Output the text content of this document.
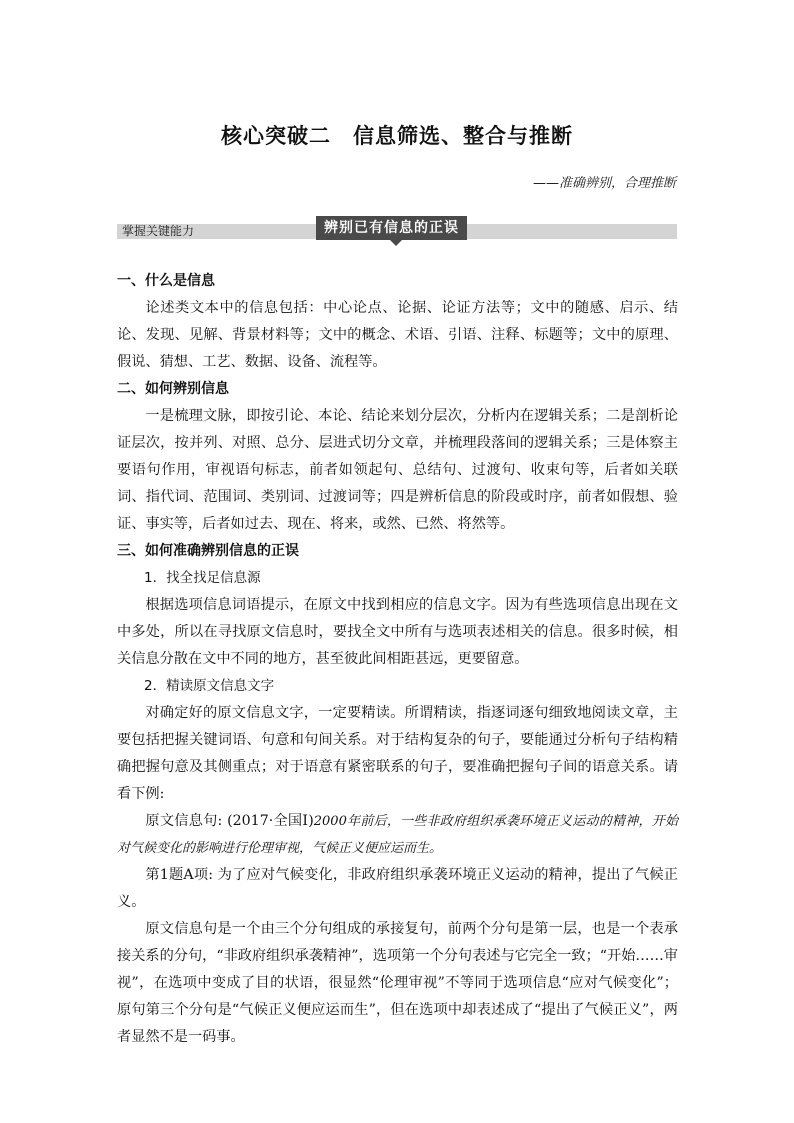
核心突破二　信息筛选、整合与推断
——准确辨别，合理推断
掌握关键能力	辨别已有信息的正误

一、什么是信息

论述类文本中的信息包括：中心论点、论据、论证方法等；文中的随感、启示、结论、发现、见解、背景材料等；文中的概念、术语、引语、注释、标题等；文中的原理、假说、猜想、工艺、数据、设备、流程等。

二、如何辨别信息

一是梳理文脉，即按引论、本论、结论来划分层次，分析内在逻辑关系；二是剖析论证层次，按并列、对照、总分、层进式切分文章，并梳理段落间的逻辑关系；三是体察主要语句作用，审视语句标志，前者如领起句、总结句、过渡句、收束句等，后者如关联词、指代词、范围词、类别词、过渡词等；四是辨析信息的阶段或时序，前者如假想、验证、事实等，后者如过去、现在、将来，或然、已然、将然等。

三、如何准确辨别信息的正误

1．找全找足信息源

根据选项信息词语提示，在原文中找到相应的信息文字。因为有些选项信息出现在文中多处，所以在寻找原文信息时，要找全文中所有与选项表述相关的信息。很多时候，相关信息分散在文中不同的地方，甚至彼此间相距甚远，更要留意。

2．精读原文信息文字

对确定好的原文信息文字，一定要精读。所谓精读，指逐词逐句细致地阅读文章，主要包括把握关键词语、句意和句间关系。对于结构复杂的句子，要能通过分析句子结构精确把握句意及其侧重点；对于语意有紧密联系的句子，要准确把握句子间的语意关系。请看下例:

原文信息句: (2017·全国Ⅰ)2000年前后，一些非政府组织承袭环境正义运动的精神，开始对气候变化的影响进行伦理审视，气候正义便应运而生。

第1题A项: 为了应对气候变化，非政府组织承袭环境正义运动的精神，提出了气候正义。

原文信息句是一个由三个分句组成的承接复句，前两个分句是第一层，也是一个表承接关系的分句，“非政府组织承袭精神”，选项第一个分句表述与它完全一致；“开始……审视”，在选项中变成了目的状语，很显然“伦理审视”不等同于选项信息“应对气候变化”；原句第三个分句是“气候正义便应运而生”，但在选项中却表述成了“提出了气候正义”，两者显然不是一码事。
